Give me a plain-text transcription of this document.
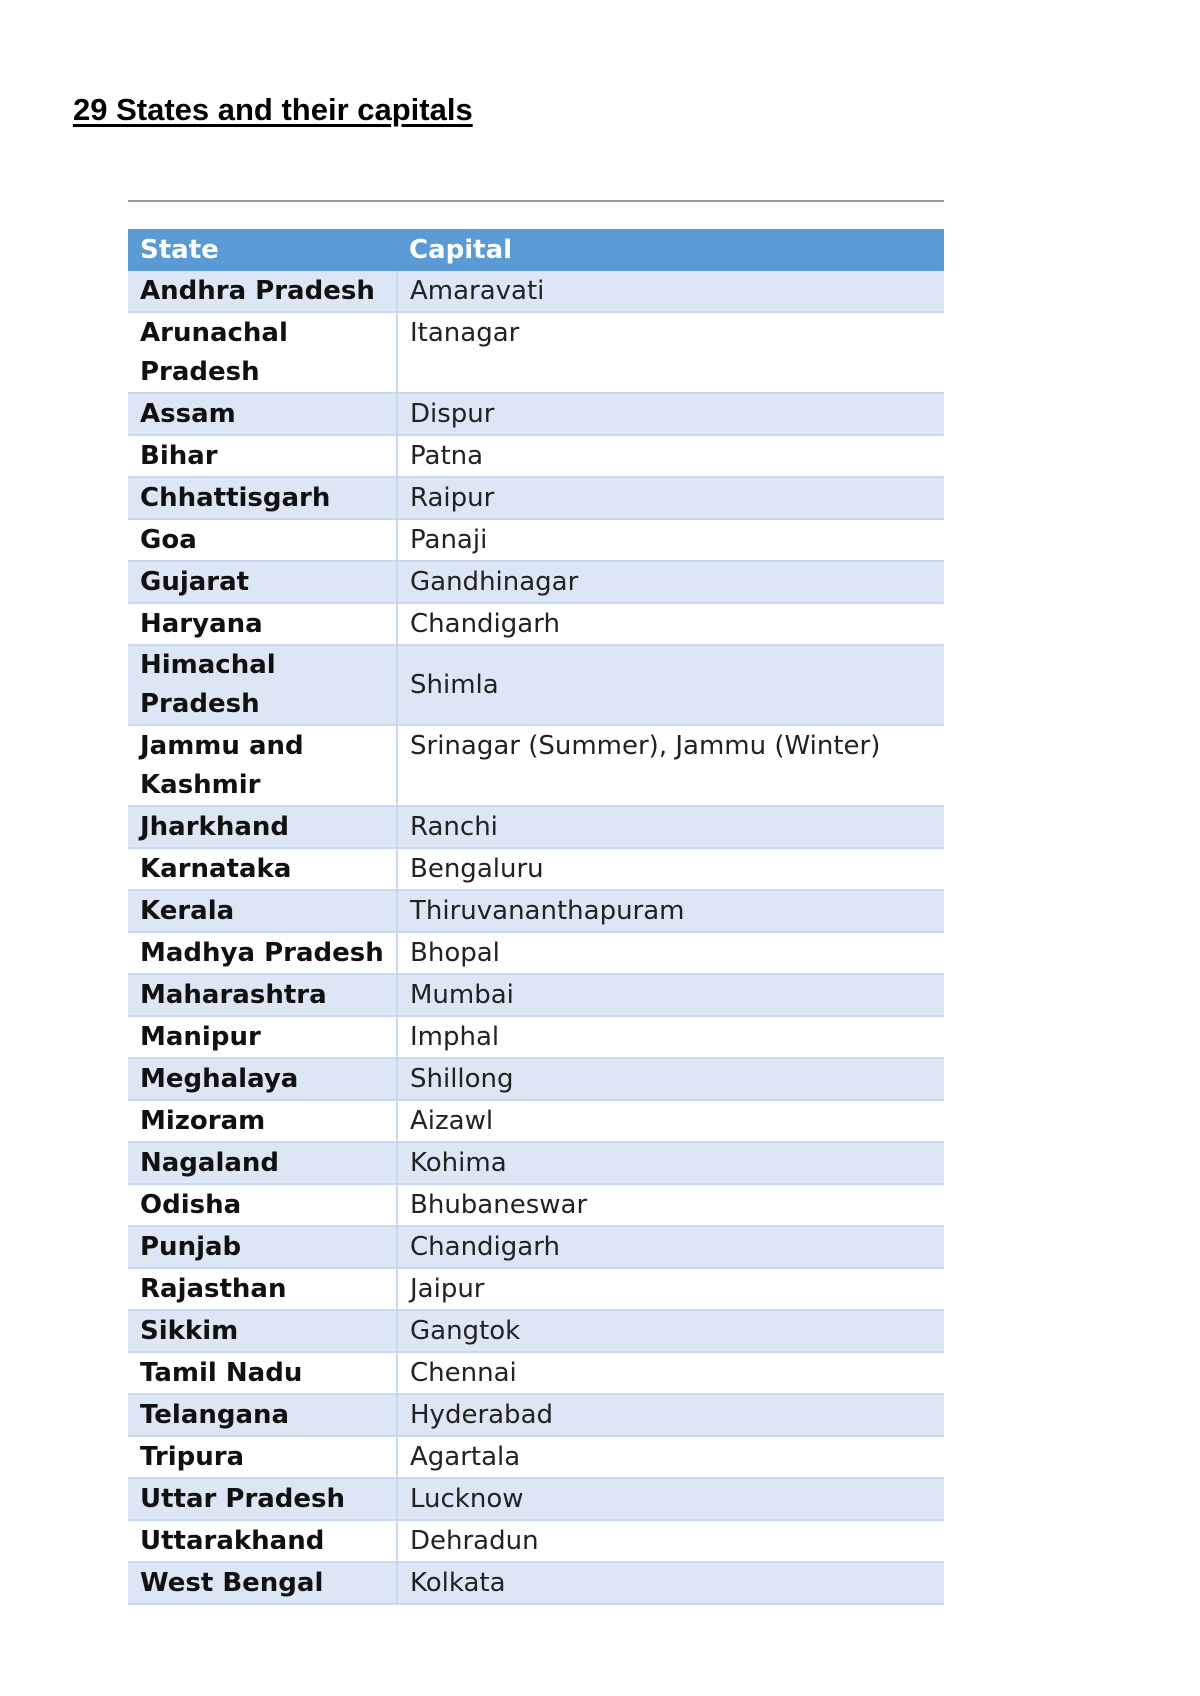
29 States and their capitals
State	Capital
Andhra Pradesh	Amaravati
Arunachal Pradesh	Itanagar
Assam	Dispur
Bihar	Patna
Chhattisgarh	Raipur
Goa	Panaji
Gujarat	Gandhinagar
Haryana	Chandigarh
Himachal Pradesh	Shimla
Jammu and Kashmir	Srinagar (Summer), Jammu (Winter)
Jharkhand	Ranchi
Karnataka	Bengaluru
Kerala	Thiruvananthapuram
Madhya Pradesh	Bhopal
Maharashtra	Mumbai
Manipur	Imphal
Meghalaya	Shillong
Mizoram	Aizawl
Nagaland	Kohima
Odisha	Bhubaneswar
Punjab	Chandigarh
Rajasthan	Jaipur
Sikkim	Gangtok
Tamil Nadu	Chennai
Telangana	Hyderabad
Tripura	Agartala
Uttar Pradesh	Lucknow
Uttarakhand	Dehradun
West Bengal	Kolkata
